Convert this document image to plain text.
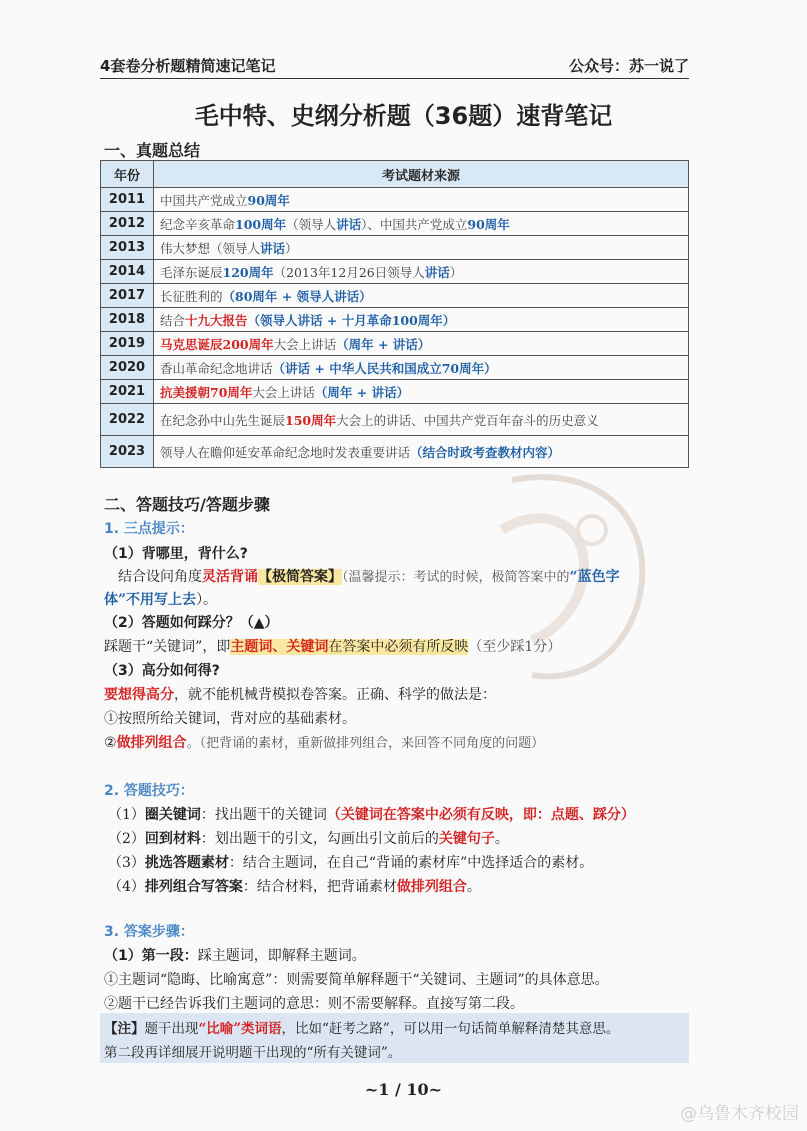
4套卷分析题精简速记笔记	公众号：苏一说了
毛中特、史纲分析题（36题）速背笔记
一、真题总结
年份	考试题材来源
2011	中国共产党成立90周年
2012	纪念辛亥革命100周年（领导人讲话）、中国共产党成立90周年
2013	伟大梦想（领导人讲话）
2014	毛泽东诞辰120周年（2013年12月26日领导人讲话）
2017	长征胜利的（80周年 + 领导人讲话）
2018	结合十九大报告（领导人讲话 + 十月革命100周年）
2019	马克思诞辰200周年大会上讲话（周年 + 讲话）
2020	香山革命纪念地讲话（讲话 + 中华人民共和国成立70周年）
2021	抗美援朝70周年大会上讲话（周年 + 讲话）
2022	在纪念孙中山先生诞辰150周年大会上的讲话、中国共产党百年奋斗的历史意义
2023	领导人在瞻仰延安革命纪念地时发表重要讲话（结合时政考查教材内容）
二、答题技巧/答题步骤
1. 三点提示：
（1）背哪里，背什么?
结合设问角度灵活背诵【极简答案】（温馨提示：考试的时候，极简答案中的“蓝色字
体”不用写上去）。
（2）答题如何踩分？（▲）
踩题干“关键词”，即主题词、关键词在答案中必须有所反映（至少踩1分）
（3）高分如何得?
要想得高分，就不能机械背模拟卷答案。正确、科学的做法是：
①按照所给关键词，背对应的基础素材。
②做排列组合。（把背诵的素材，重新做排列组合，来回答不同角度的问题）
2. 答题技巧：
（1）圈关键词：找出题干的关键词（关键词在答案中必须有反映，即：点题、踩分）
（2）回到材料：划出题干的引文，勾画出引文前后的关键句子。
（3）挑选答题素材：结合主题词，在自己“背诵的素材库”中选择适合的素材。
（4）排列组合写答案：结合材料，把背诵素材做排列组合。
3. 答案步骤：
（1）第一段：踩主题词，即解释主题词。
①主题词“隐晦、比喻寓意”：则需要简单解释题干“关键词、主题词”的具体意思。
②题干已经告诉我们主题词的意思：则不需要解释。直接写第二段。
【注】题干出现“比喻”类词语，比如“赶考之路”，可以用一句话简单解释清楚其意思。
第二段再详细展开说明题干出现的“所有关键词”。
~1 / 10~
@乌鲁木齐校园
